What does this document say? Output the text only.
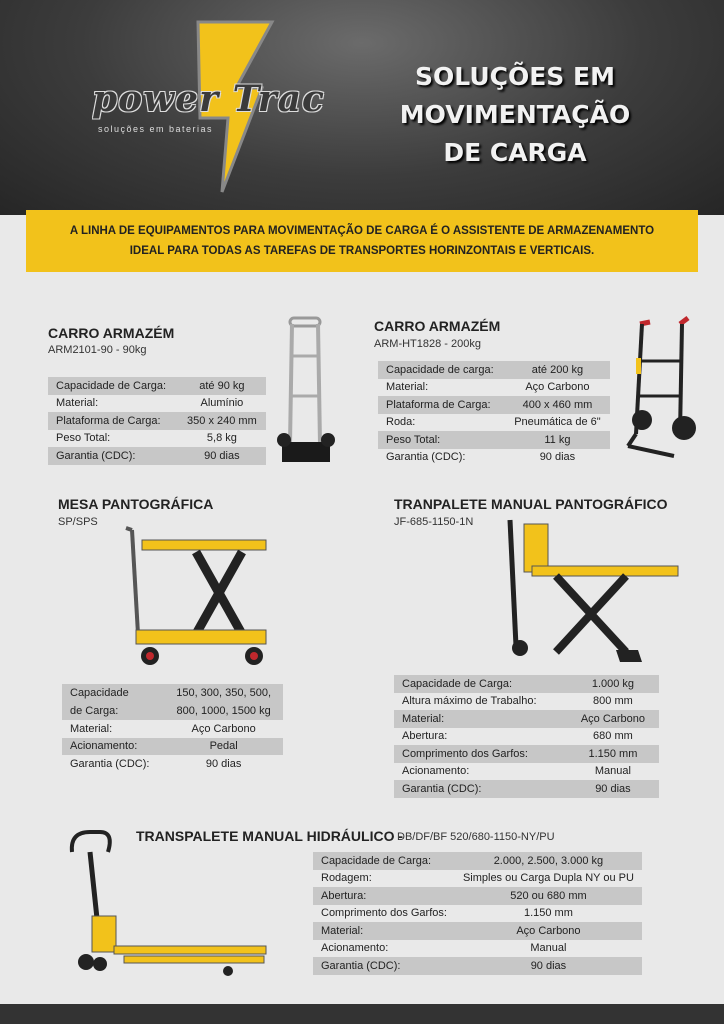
power Trac
soluções em baterias
SOLUÇÕES EM
MOVIMENTAÇÃO
DE CARGA
A LINHA DE EQUIPAMENTOS PARA MOVIMENTAÇÃO DE CARGA É O ASSISTENTE DE ARMAZENAMENTO
IDEAL PARA TODAS AS TAREFAS DE TRANSPORTES HORINZONTAIS E VERTICAIS.
CARRO ARMAZÉM
ARM2101-90 - 90kg
Capacidade de Carga:	até 90 kg
Material:	Alumínio
Plataforma de Carga:	350 x 240 mm
Peso Total:	5,8 kg
Garantia (CDC):	90 dias
CARRO ARMAZÉM
ARM-HT1828 - 200kg
Capacidade de carga:	até 200 kg
Material:	Aço Carbono
Plataforma de Carga:	400 x 460 mm
Roda:	Pneumática de 6"
Peso Total:	11 kg
Garantia (CDC):	90 dias
MESA PANTOGRÁFICA
SP/SPS
Capacidade
de Carga:	150, 300, 350, 500,
800, 1000, 1500 kg
Material:	Aço Carbono
Acionamento:	Pedal
Garantia (CDC):	90 dias
TRANPALETE MANUAL PANTOGRÁFICO
JF-685-1150-1N
Capacidade de Carga:	1.000 kg
Altura máximo de Trabalho:	800 mm
Material:	Aço Carbono
Abertura:	680 mm
Comprimento dos Garfos:	1.150 mm
Acionamento:	Manual
Garantia (CDC):	90 dias
TRANSPALETE MANUAL HIDRÁULICO -
DB/DF/BF 520/680-1150-NY/PU
Capacidade de Carga:	2.000, 2.500, 3.000 kg
Rodagem:	Simples ou Carga Dupla NY ou PU
Abertura:	520 ou 680 mm
Comprimento dos Garfos:	1.150 mm
Material:	Aço Carbono
Acionamento:	Manual
Garantia (CDC):	90 dias
